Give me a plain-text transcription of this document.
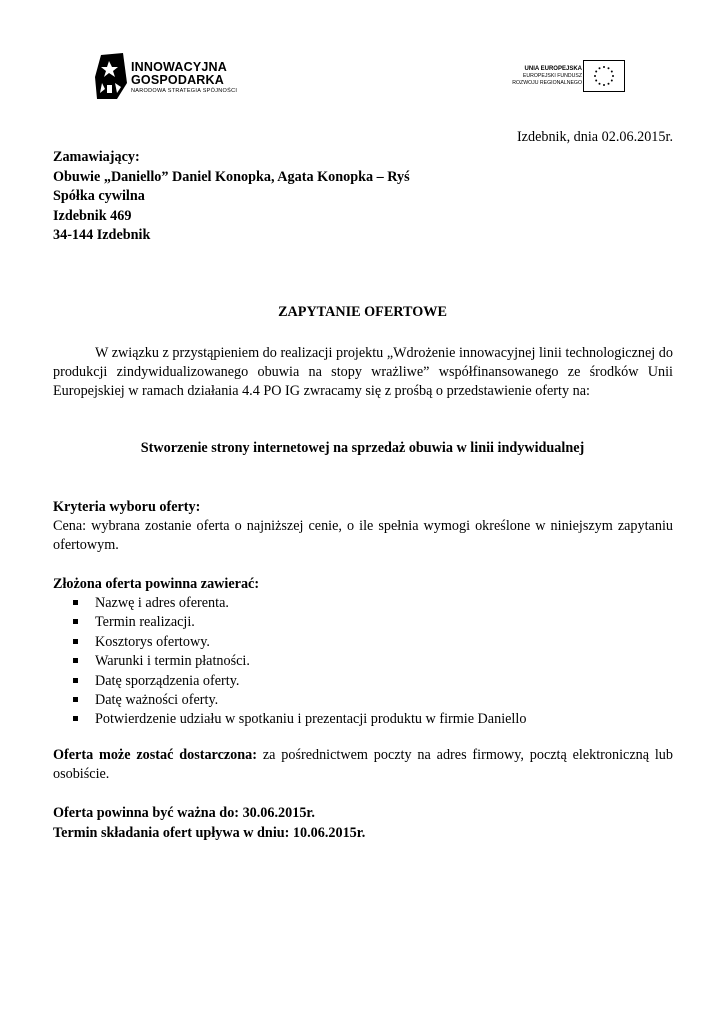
INNOWACYJNA
GOSPODARKA
NARODOWA STRATEGIA SPÓJNOŚCI
UNIA EUROPEJSKA
EUROPEJSKI FUNDUSZ
ROZWOJU REGIONALNEGO
Izdebnik, dnia 02.06.2015r.
Zamawiający:
Obuwie „Daniello” Daniel Konopka, Agata Konopka – Ryś
Spółka cywilna
Izdebnik 469
34-144 Izdebnik
ZAPYTANIE OFERTOWE
W związku z przystąpieniem do realizacji projektu „Wdrożenie innowacyjnej linii technologicznej do produkcji zindywidualizowanego obuwia na stopy wrażliwe” współfinansowanego ze środków Unii Europejskiej w ramach działania 4.4 PO IG zwracamy się z prośbą o przedstawienie oferty na:
Stworzenie strony internetowej na sprzedaż obuwia w linii indywidualnej
Kryteria wyboru oferty:
Cena: wybrana zostanie oferta o najniższej cenie, o ile spełnia wymogi określone w niniejszym zapytaniu ofertowym.
Złożona oferta powinna zawierać:
Nazwę i adres oferenta.
Termin realizacji.
Kosztorys ofertowy.
Warunki i termin płatności.
Datę sporządzenia oferty.
Datę ważności oferty.
Potwierdzenie udziału w spotkaniu i prezentacji produktu w firmie Daniello
Oferta może zostać dostarczona: za pośrednictwem poczty na adres firmowy, pocztą elektroniczną lub osobiście.
Oferta powinna być ważna do: 30.06.2015r.
Termin składania ofert upływa w dniu: 10.06.2015r.
